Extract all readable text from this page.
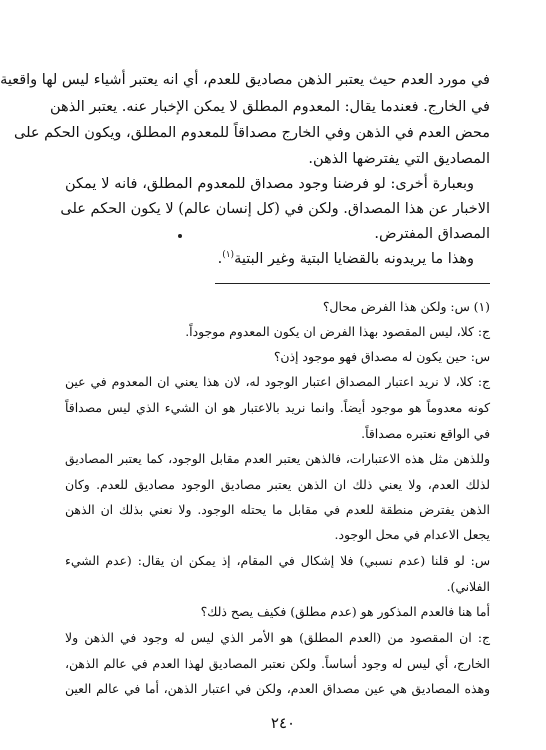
في مورد العدم حيث يعتبر الذهن مصاديق للعدم، أي انه يعتبر أشياء ليس لها واقعية
في الخارج. فعندما يقال: المعدوم المطلق لا يمكن الإخبار عنه. يعتبر الذهن
محض العدم في الذهن وفي الخارج مصداقاً للمعدوم المطلق، ويكون الحكم على
المصاديق التي يفترضها الذهن.
وبعبارة أخرى: لو فرضنا وجود مصداق للمعدوم المطلق، فانه لا يمكن
الاخبار عن هذا المصداق. ولكن في (كل إنسان عالم) لا يكون الحكم على
المصداق المفترض.
وهذا ما يريدونه بالقضايا البتية وغير البتية$^{(١)}$.
(١) س: ولكن هذا الفرض محال؟
ج: كلا، ليس المقصود بهذا الفرض ان يكون المعدوم موجوداً.
س: حين يكون له مصداق فهو موجود إذن؟
ج: كلا، لا نريد اعتبار المصداق اعتبار الوجود له، لان هذا يعني ان المعدوم في عين
كونه معدوماً هو موجود أيضاً. وانما نريد بالاعتبار هو ان الشيء الذي ليس مصداقاً
في الواقع نعتبره مصداقاً.
وللذهن مثل هذه الاعتبارات، فالذهن يعتبر العدم مقابل الوجود، كما يعتبر المصاديق
لذلك العدم، ولا يعني ذلك ان الذهن يعتبر مصاديق الوجود مصاديق للعدم. وكان
الذهن يفترض منطقة للعدم في مقابل ما يحتله الوجود. ولا نعني بذلك ان الذهن
يجعل الاعدام في محل الوجود.
س: لو قلنا (عدم نسبي) فلا إشكال في المقام، إذ يمكن ان يقال: (عدم الشيء
الفلاني).
أما هنا فالعدم المذكور هو (عدم مطلق) فكيف يصح ذلك؟
ج: ان المقصود من (العدم المطلق) هو الأمر الذي ليس له وجود في الذهن ولا
الخارج، أي ليس له وجود أساساً. ولكن نعتبر المصاديق لهذا العدم في عالم الذهن،
وهذه المصاديق هي عين مصداق العدم، ولكن في اعتبار الذهن، أما في عالم العين
٢٤٠
